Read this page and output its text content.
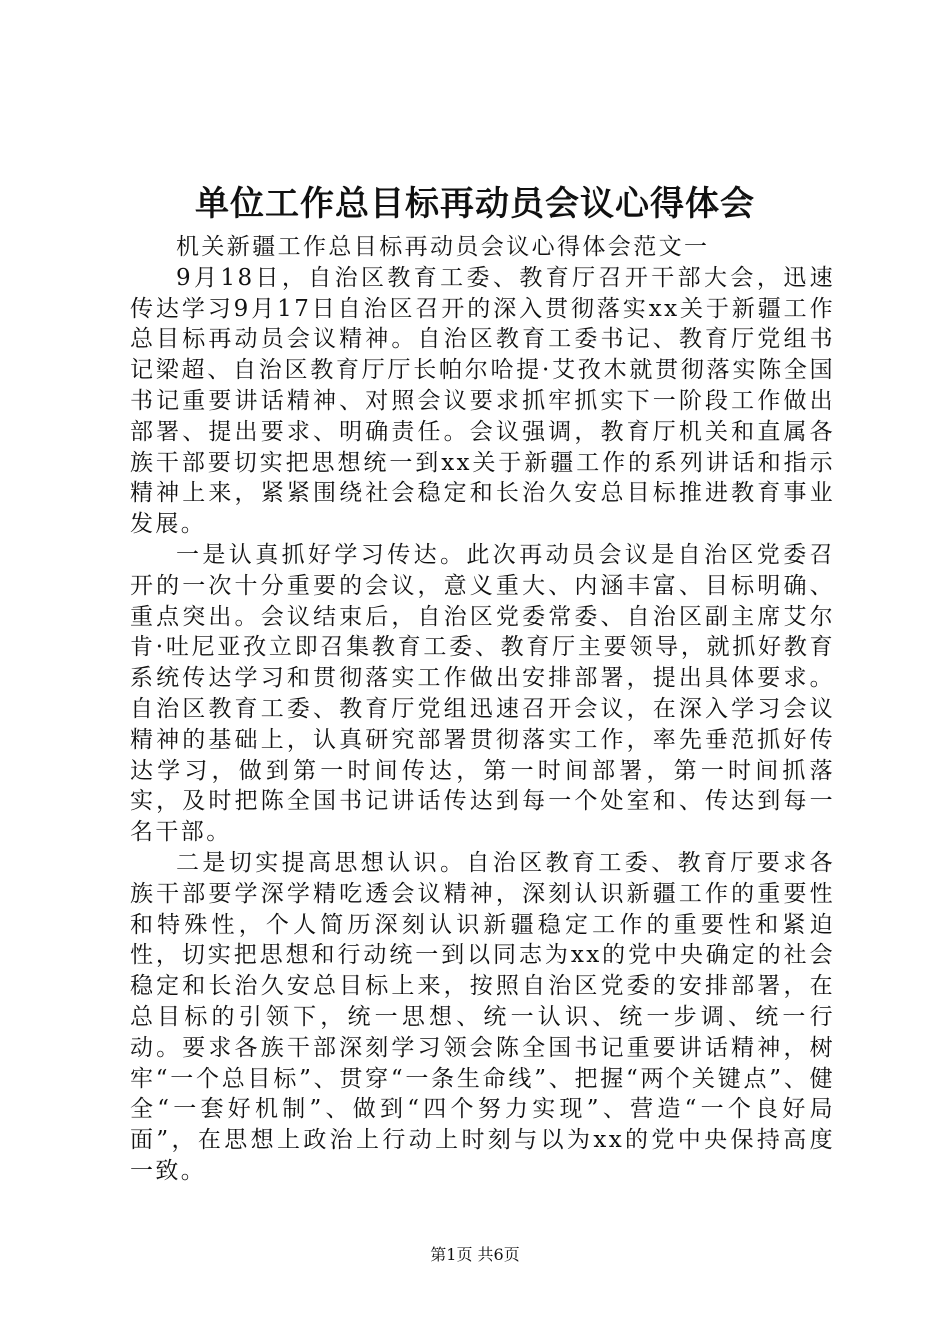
单位工作总目标再动员会议心得体会

机关新疆工作总目标再动员会议心得体会范文一

9月18日，自治区教育工委、教育厅召开干部大会，迅速传达学习9月17日自治区召开的深入贯彻落实xx关于新疆工作总目标再动员会议精神。自治区教育工委书记、教育厅党组书记梁超、自治区教育厅厅长帕尔哈提·艾孜木就贯彻落实陈全国书记重要讲话精神、对照会议要求抓牢抓实下一阶段工作做出部署、提出要求、明确责任。会议强调，教育厅机关和直属各族干部要切实把思想统一到xx关于新疆工作的系列讲话和指示精神上来，紧紧围绕社会稳定和长治久安总目标推进教育事业发展。

一是认真抓好学习传达。此次再动员会议是自治区党委召开的一次十分重要的会议，意义重大、内涵丰富、目标明确、重点突出。会议结束后，自治区党委常委、自治区副主席艾尔肯·吐尼亚孜立即召集教育工委、教育厅主要领导，就抓好教育系统传达学习和贯彻落实工作做出安排部署，提出具体要求。自治区教育工委、教育厅党组迅速召开会议，在深入学习会议精神的基础上，认真研究部署贯彻落实工作，率先垂范抓好传达学习，做到第一时间传达，第一时间部署，第一时间抓落实，及时把陈全国书记讲话传达到每一个处室和、传达到每一名干部。

二是切实提高思想认识。自治区教育工委、教育厅要求各族干部要学深学精吃透会议精神，深刻认识新疆工作的重要性和特殊性，个人简历深刻认识新疆稳定工作的重要性和紧迫性，切实把思想和行动统一到以同志为xx的党中央确定的社会稳定和长治久安总目标上来，按照自治区党委的安排部署，在总目标的引领下，统一思想、统一认识、统一步调、统一行动。要求各族干部深刻学习领会陈全国书记重要讲话精神，树牢“一个总目标”、贯穿“一条生命线”、把握“两个关键点”、健全“一套好机制”、做到“四个努力实现”、营造“一个良好局面”，在思想上政治上行动上时刻与以为xx的党中央保持高度一致。

第1页 共6页
